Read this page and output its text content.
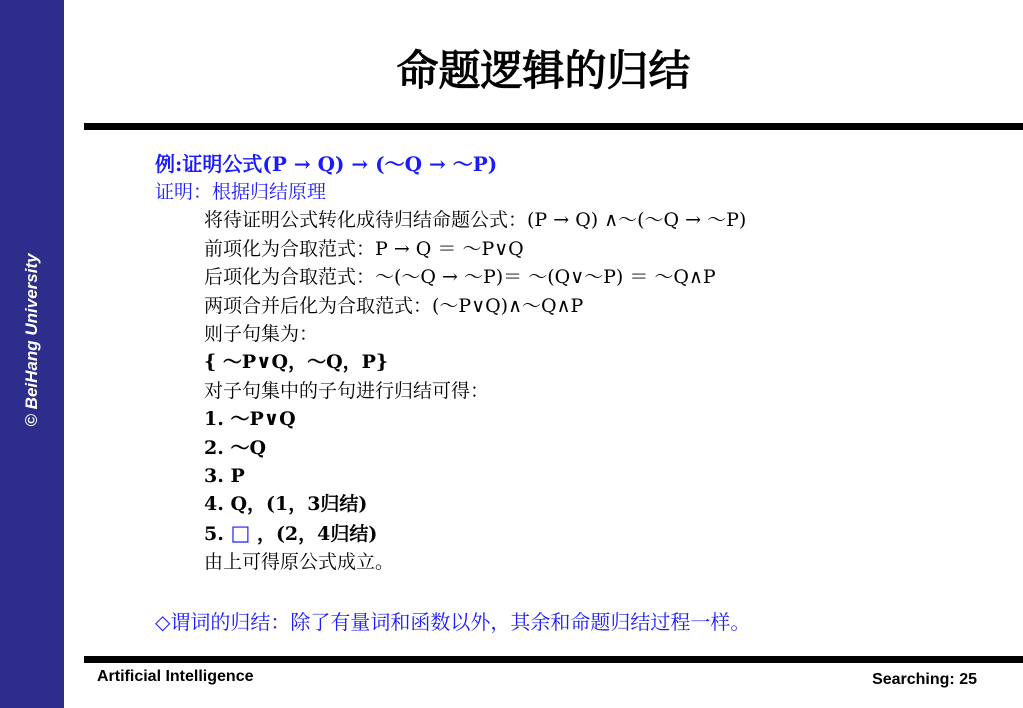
© BeiHang University
命题逻辑的归结
例:证明公式(P → Q) → (～Q → ～P)
证明：根据归结原理
将待证明公式转化成待归结命题公式：(P → Q) ∧～(～Q → ～P)
前项化为合取范式：P → Q ＝ ～P∨Q
后项化为合取范式：～(～Q → ～P)＝ ～(Q∨～P) ＝ ～Q∧P
两项合并后化为合取范式：(～P∨Q)∧～Q∧P
则子句集为：
{ ～P∨Q，～Q，P}
对子句集中的子句进行归结可得：
1. ～P∨Q
2. ～Q
3. P
4. Q，(1，3归结)
5. □ ，(2，4归结)
由上可得原公式成立。
◇谓词的归结：除了有量词和函数以外，其余和命题归结过程一样。
Artificial Intelligence	Searching: 25
